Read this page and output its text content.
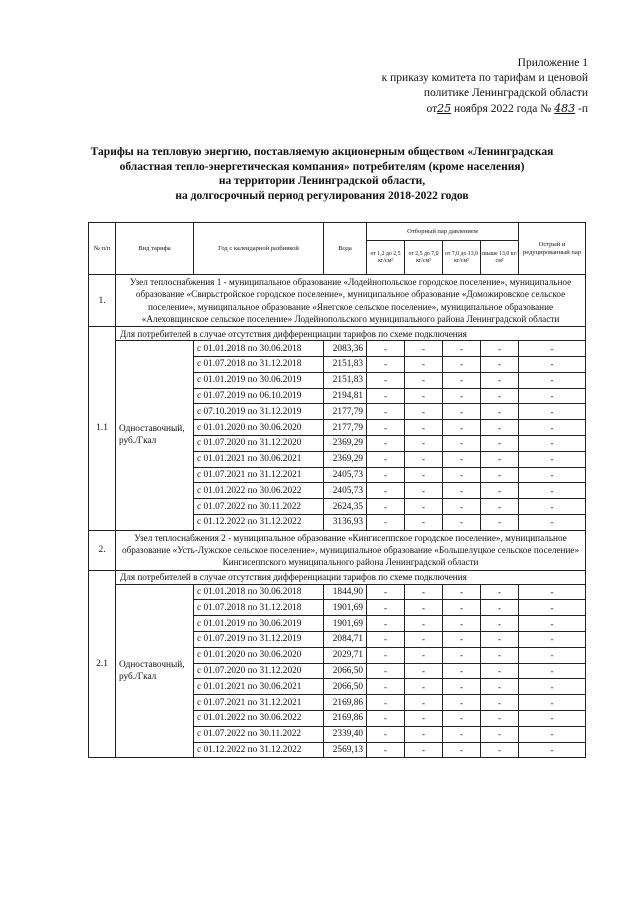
Приложение 1
к приказу комитета по тарифам и ценовой
политике Ленинградской области
от25 ноября 2022 года № 483 -п
Тарифы на тепловую энергию, поставляемую акционерным обществом «Ленинградская
областная тепло-энергетическая компания» потребителям (кроме населения)
на территории Ленинградской области,
на долгосрочный период регулирования 2018-2022 годов
№ п/п	Вид тарифа	Год с календарной разбивкой	Вода	Отборный пар давлением				Острый и редуцированный пар
				от 1,2 до 2,5 кг/см²	от 2,5 до 7,0 кг/см²	от 7,0 до 13,0 кг/см²	свыше 13,0 кг/см²	
1.	Узел теплоснабжения 1 - муниципальное образование «Лодейнопольское городское поселение», муниципальное образование «Свирьстройское городское поселение», муниципальное образование «Доможировское сельское поселение», муниципальное образование «Янегское сельское поселение», муниципальное образование «Алеховщинское сельское поселение» Лодейнопольского муниципального района Ленинградской области							
1.1	Для потребителей в случае отсутствия дифференциации тарифов по схеме подключения							
	Одноставочный, руб./Гкал	с 01.01.2018 по 30.06.2018	2083,36	-	-	-	-	-
		с 01.07.2018 по 31.12.2018	2151,83	-	-	-	-	-
		с 01.01.2019 по 30.06.2019	2151,83	-	-	-	-	-
		с 01.07.2019 по 06.10.2019	2194,81	-	-	-	-	-
		с 07.10.2019 по 31.12.2019	2177,79	-	-	-	-	-
		с 01.01.2020 по 30.06.2020	2177,79	-	-	-	-	-
		с 01.07.2020 по 31.12.2020	2369,29	-	-	-	-	-
		с 01.01.2021 по 30.06.2021	2369,29	-	-	-	-	-
		с 01.07.2021 по 31.12.2021	2405,73	-	-	-	-	-
		с 01.01.2022 по 30.06.2022	2405,73	-	-	-	-	-
		с 01.07.2022 по 30.11.2022	2624,35	-	-	-	-	-
		с 01.12.2022 по 31.12.2022	3136,93	-	-	-	-	-
2.	Узел теплоснабжения 2 - муниципальное образование «Кингисеппское городское поселение», муниципальное образование «Усть-Лужское сельское поселение», муниципальное образование «Большелуцкое сельское поселение» Кингисеппского муниципального района Ленинградской области							
2.1	Для потребителей в случае отсутствия дифференциации тарифов по схеме подключения							
	Одноставочный, руб./Гкал	с 01.01.2018 по 30.06.2018	1844,90	-	-	-	-	-
		с 01.07.2018 по 31.12.2018	1901,69	-	-	-	-	-
		с 01.01.2019 по 30.06.2019	1901,69	-	-	-	-	-
		с 01.07.2019 по 31.12.2019	2084,71	-	-	-	-	-
		с 01.01.2020 по 30.06.2020	2029,71	-	-	-	-	-
		с 01.07.2020 по 31.12.2020	2066,50	-	-	-	-	-
		с 01.01.2021 по 30.06.2021	2066,50	-	-	-	-	-
		с 01.07.2021 по 31.12.2021	2169,86	-	-	-	-	-
		с 01.01.2022 по 30.06.2022	2169,86	-	-	-	-	-
		с 01.07.2022 по 30.11.2022	2339,40	-	-	-	-	-
		с 01.12.2022 по 31.12.2022	2569,13	-	-	-	-	-
